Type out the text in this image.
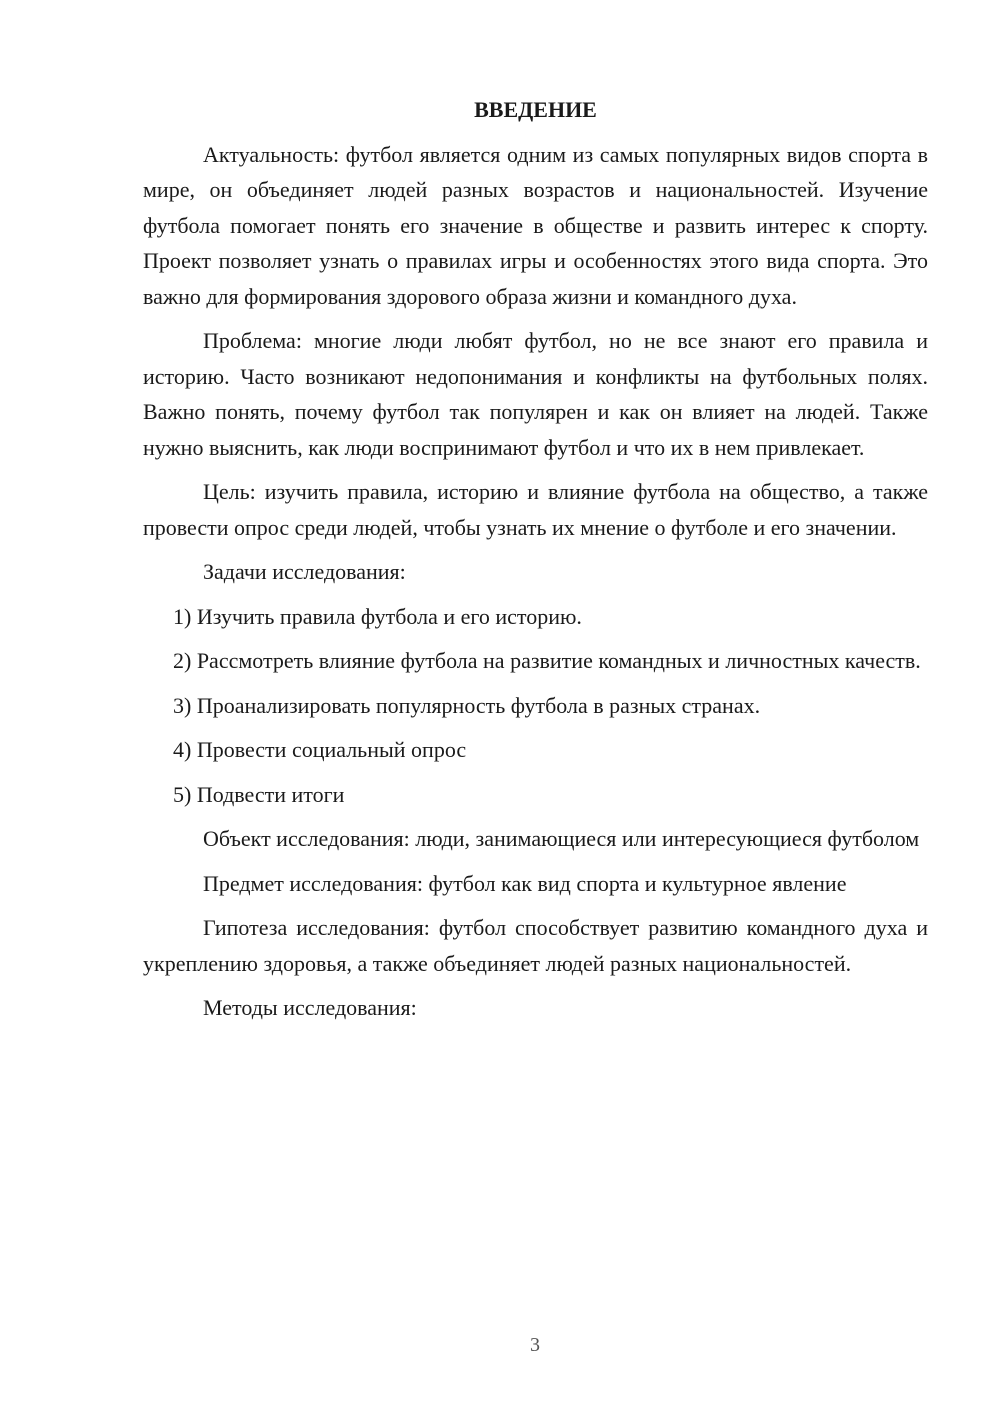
ВВЕДЕНИЕ

Актуальность: футбол является одним из самых популярных видов спорта в мире, он объединяет людей разных возрастов и национальностей. Изучение футбола помогает понять его значение в обществе и развить интерес к спорту. Проект позволяет узнать о правилах игры и особенностях этого вида спорта. Это важно для формирования здорового образа жизни и командного духа.

Проблема: многие люди любят футбол, но не все знают его правила и историю. Часто возникают недопонимания и конфликты на футбольных полях. Важно понять, почему футбол так популярен и как он влияет на людей. Также нужно выяснить, как люди воспринимают футбол и что их в нем привлекает.

Цель: изучить правила, историю и влияние футбола на общество, а также провести опрос среди людей, чтобы узнать их мнение о футболе и его значении.

Задачи исследования:

1) Изучить правила футбола и его историю.

2) Рассмотреть влияние футбола на развитие командных и личностных качеств.

3) Проанализировать популярность футбола в разных странах.

4) Провести социальный опрос

5) Подвести итоги

Объект исследования: люди, занимающиеся или интересующиеся футболом

Предмет исследования: футбол как вид спорта и культурное явление

Гипотеза исследования: футбол способствует развитию командного духа и укреплению здоровья, а также объединяет людей разных национальностей.

Методы исследования:

3
